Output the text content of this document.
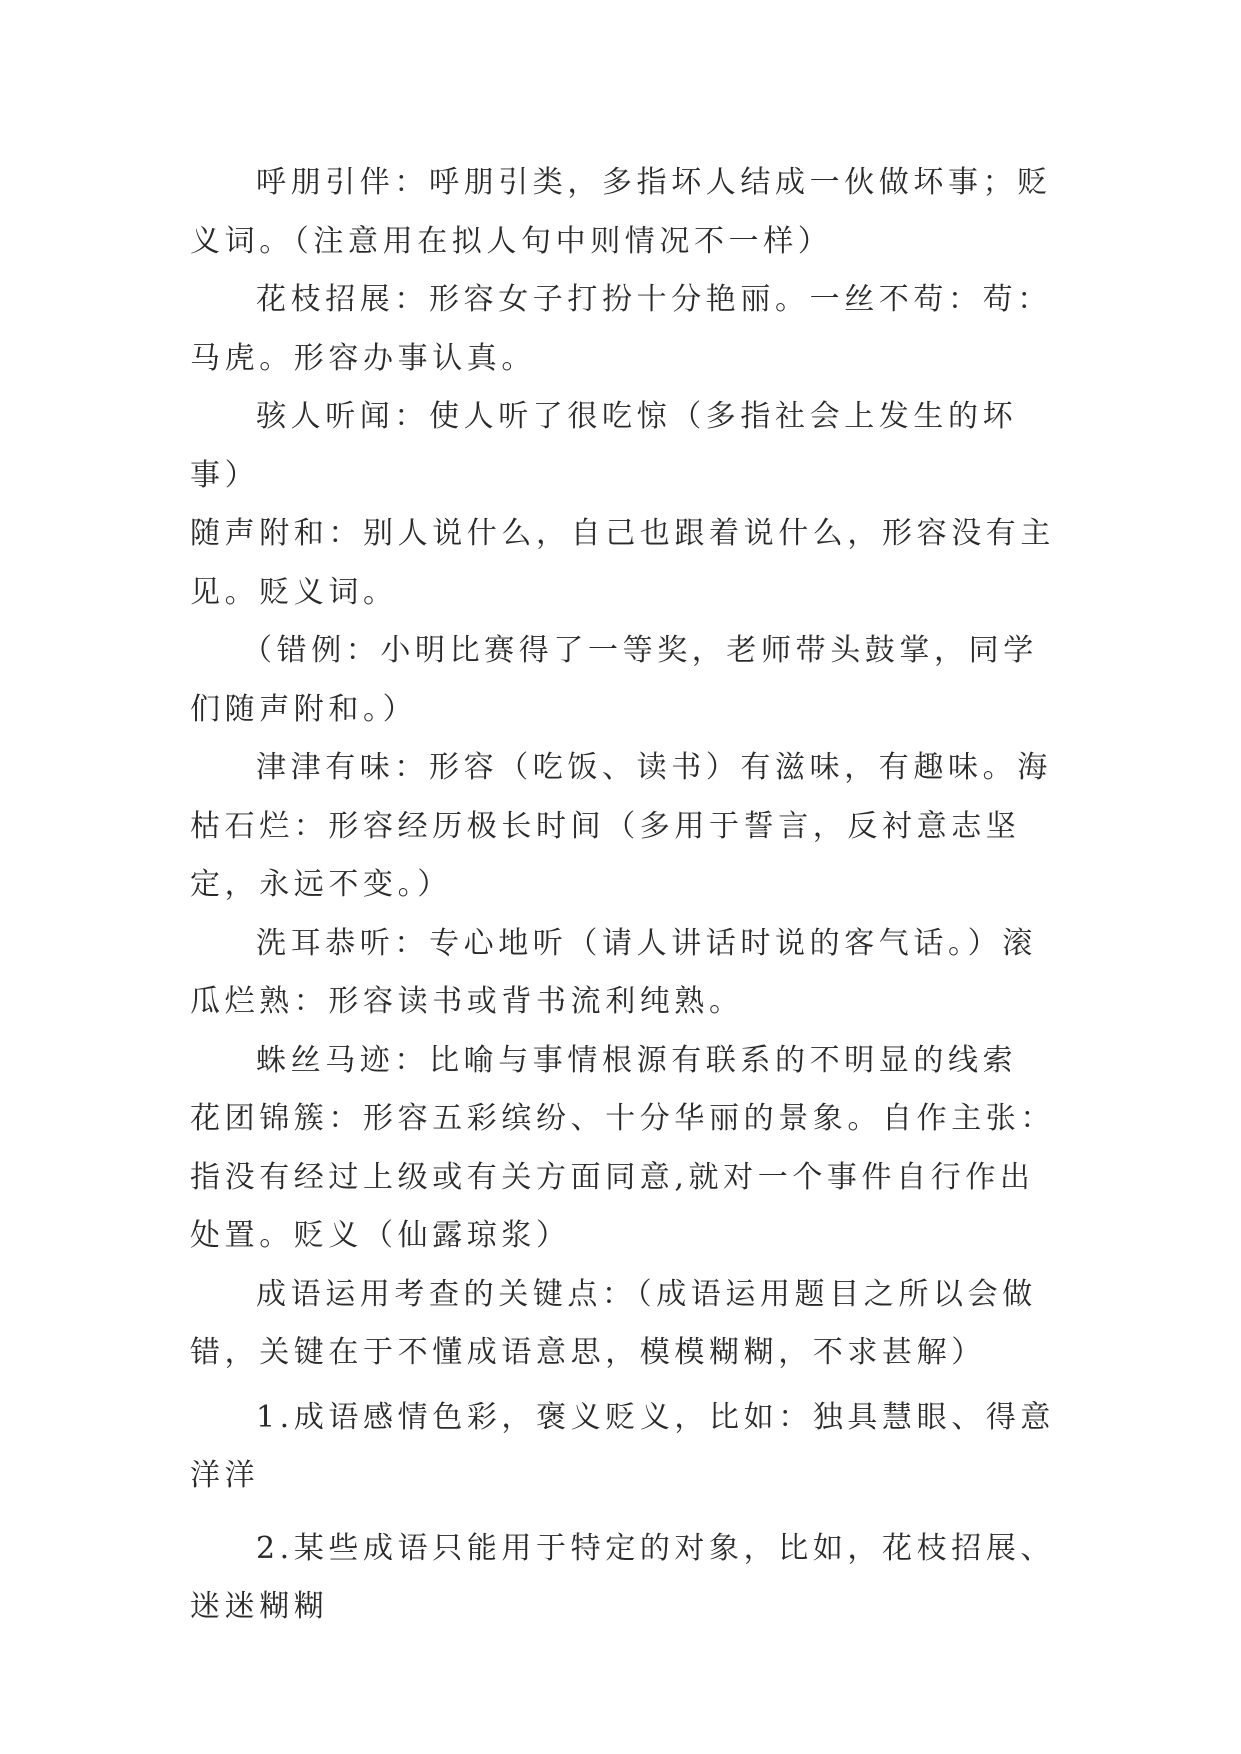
呼朋引伴：呼朋引类，多指坏人结成一伙做坏事；贬义词。（注意用在拟人句中则情况不一样）

花枝招展：形容女子打扮十分艳丽。一丝不苟：苟：马虎。形容办事认真。

骇人听闻：使人听了很吃惊（多指社会上发生的坏事）

随声附和：别人说什么，自己也跟着说什么，形容没有主见。贬义词。

（错例：小明比赛得了一等奖，老师带头鼓掌，同学们随声附和。）

津津有味：形容（吃饭、读书）有滋味，有趣味。海枯石烂：形容经历极长时间（多用于誓言，反衬意志坚定，永远不变。）

洗耳恭听：专心地听（请人讲话时说的客气话。）滚瓜烂熟：形容读书或背书流利纯熟。

蛛丝马迹：比喻与事情根源有联系的不明显的线索 花团锦簇：形容五彩缤纷、十分华丽的景象。自作主张：指没有经过上级或有关方面同意,就对一个事件自行作出处置。贬义（仙露琼浆）

成语运用考查的关键点：（成语运用题目之所以会做错，关键在于不懂成语意思，模模糊糊，不求甚解）

1.成语感情色彩，褒义贬义，比如：独具慧眼、得意洋洋

2.某些成语只能用于特定的对象，比如，花枝招展、迷迷糊糊
